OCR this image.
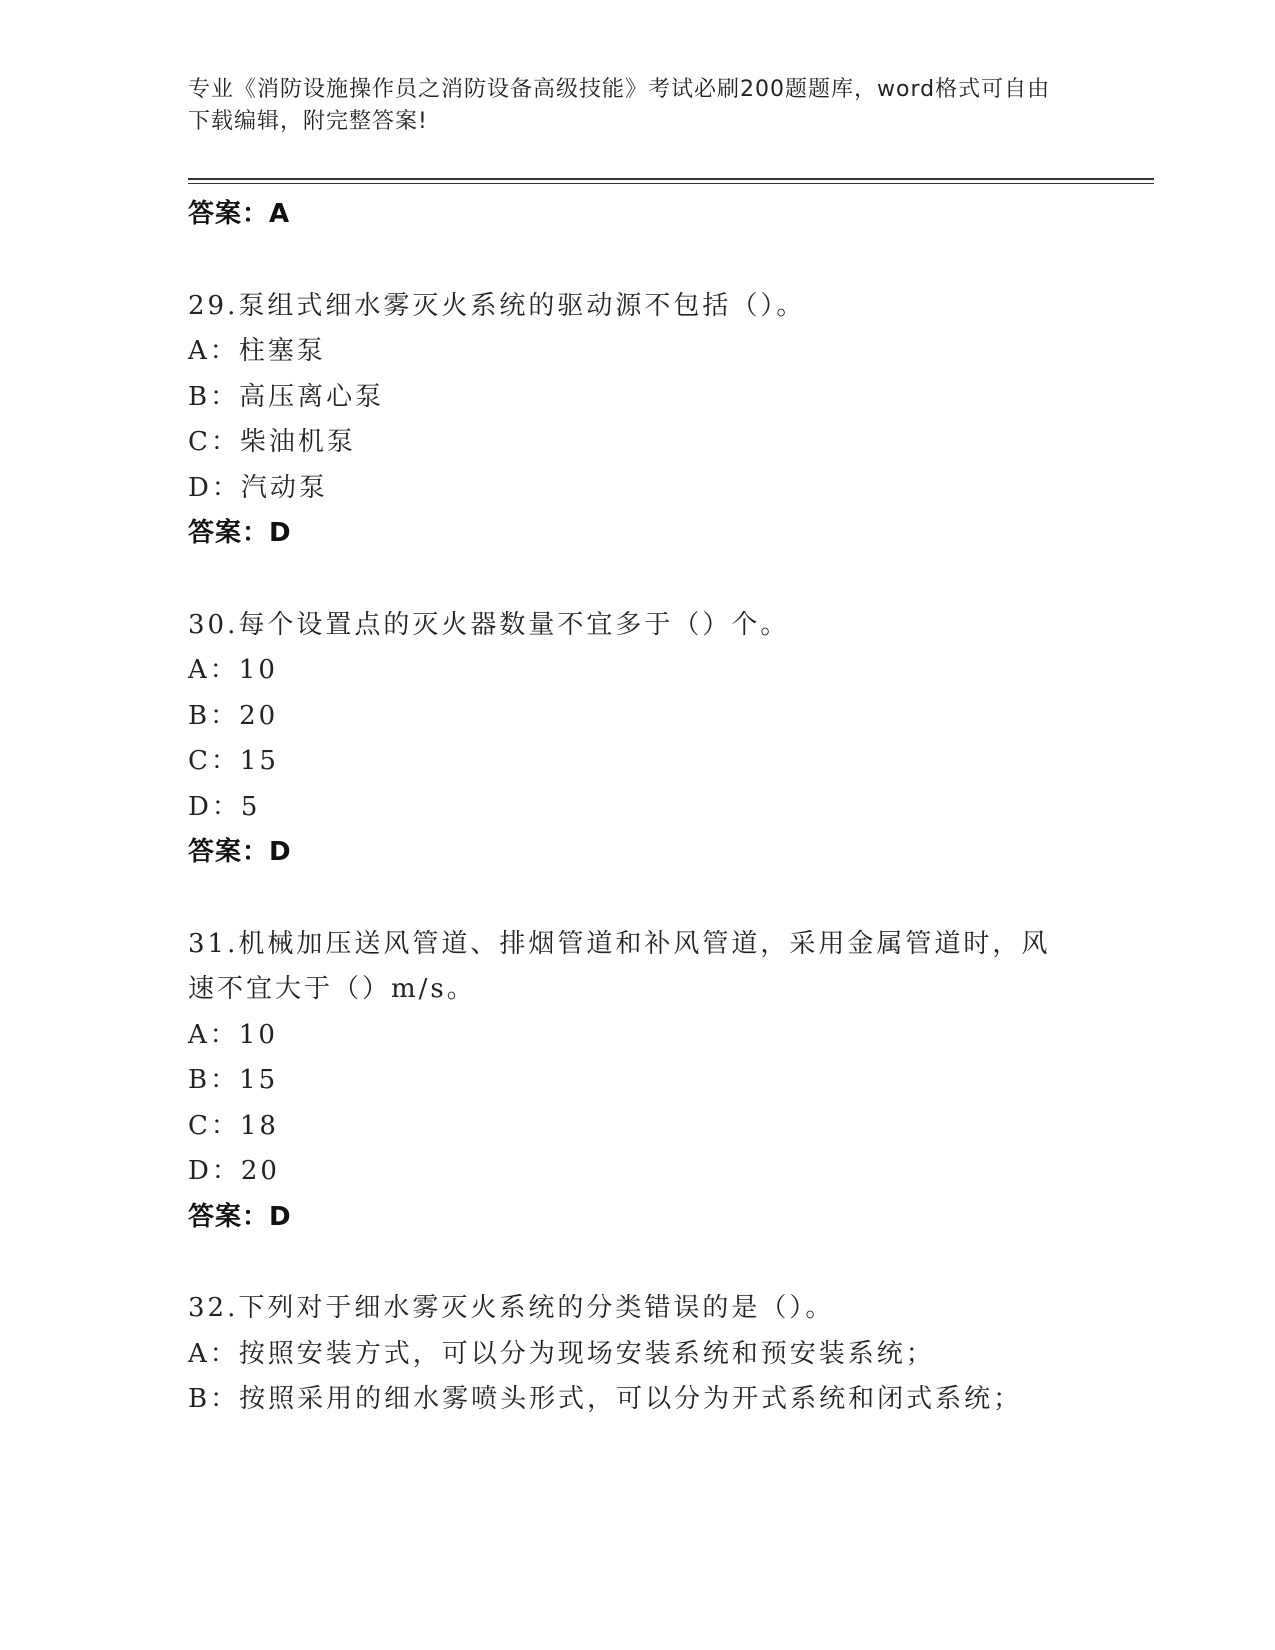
专业《消防设施操作员之消防设备高级技能》考试必刷200题题库，word格式可自由下载编辑，附完整答案!
答案：A
29.泵组式细水雾灭火系统的驱动源不包括（）。
A：柱塞泵
B：高压离心泵
C：柴油机泵
D：汽动泵
答案：D
30.每个设置点的灭火器数量不宜多于（）个。
A：10
B：20
C：15
D：5
答案：D
31.机械加压送风管道、排烟管道和补风管道，采用金属管道时，风速不宜大于（）m/s。
A：10
B：15
C：18
D：20
答案：D
32.下列对于细水雾灭火系统的分类错误的是（）。
A：按照安装方式，可以分为现场安装系统和预安装系统；
B：按照采用的细水雾喷头形式，可以分为开式系统和闭式系统；
